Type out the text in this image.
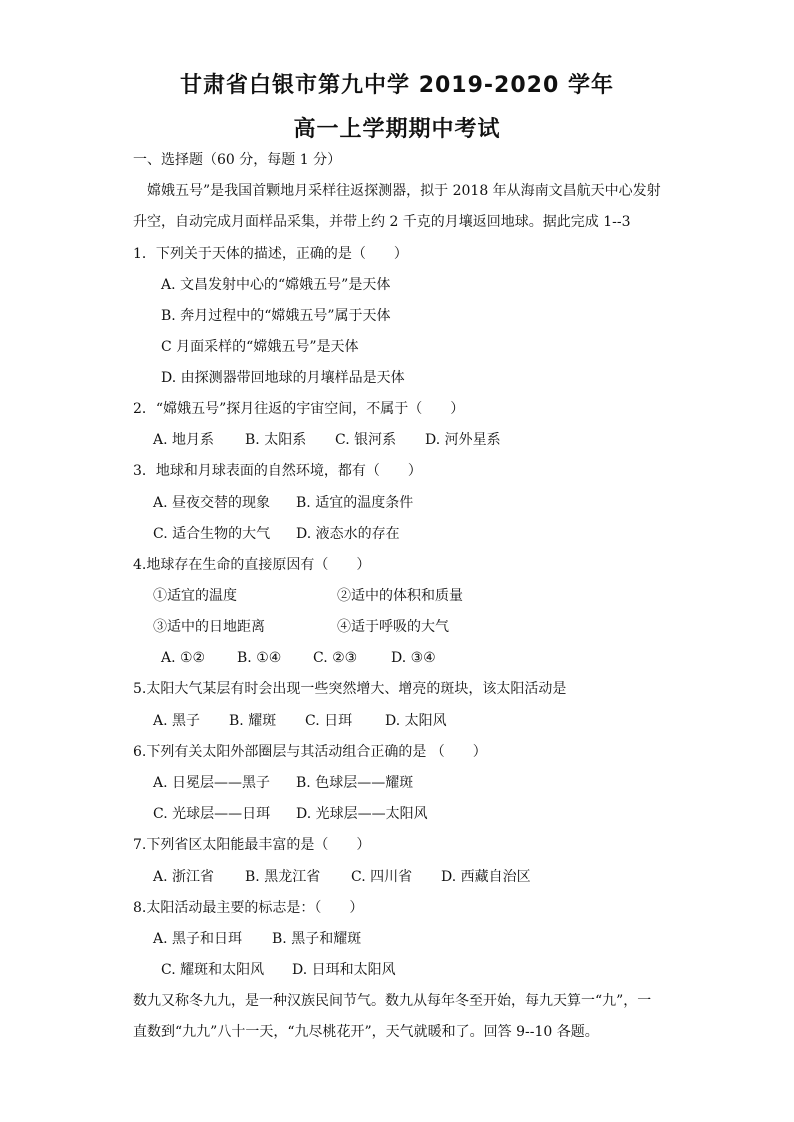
甘肃省白银市第九中学 2019-2020 学年
高一上学期期中考试
一、选择题（60 分，每题 1 分）
嫦娥五号”是我国首颗地月采样往返探测器，拟于 2018 年从海南文昌航天中心发射
升空，自动完成月面样品采集，并带上约 2 千克的月壤返回地球。据此完成 1--3
1．下列关于天体的描述，正确的是（　　）
A. 文昌发射中心的“嫦娥五号”是天体
B. 奔月过程中的“嫦娥五号”属于天体
C 月面采样的“嫦娥五号”是天体
D. 由探测器带回地球的月壤样品是天体
2．“嫦娥五号”探月往返的宇宙空间，不属于（　　）
A. 地月系 B. 太阳系 C. 银河系 D. 河外星系
3．地球和月球表面的自然环境，都有（　　）
A. 昼夜交替的现象 B. 适宜的温度条件
C. 适合生物的大气 D. 液态水的存在
4.地球存在生命的直接原因有（　　）
①适宜的温度	②适中的体积和质量
③适中的日地距离	④适于呼吸的大气
A. ①② B. ①④ C. ②③ D. ③④
5.太阳大气某层有时会出现一些突然增大、增亮的斑块，该太阳活动是
A. 黑子 B. 耀斑 C. 日珥 D. 太阳风
6.下列有关太阳外部圈层与其活动组合正确的是 （　　）
A. 日冕层——黑子 B. 色球层——耀斑
C. 光球层——日珥 D. 光球层——太阳风
7.下列省区太阳能最丰富的是（　　）
A. 浙江省 B. 黑龙江省 C. 四川省 D. 西藏自治区
8.太阳活动最主要的标志是：（　　）
A. 黑子和日珥 B. 黑子和耀斑
C. 耀斑和太阳风 D. 日珥和太阳风
数九又称冬九九，是一种汉族民间节气。数九从每年冬至开始，每九天算一“九”，一
直数到“九九”八十一天，“九尽桃花开”，天气就暖和了。回答 9--10 各题。
